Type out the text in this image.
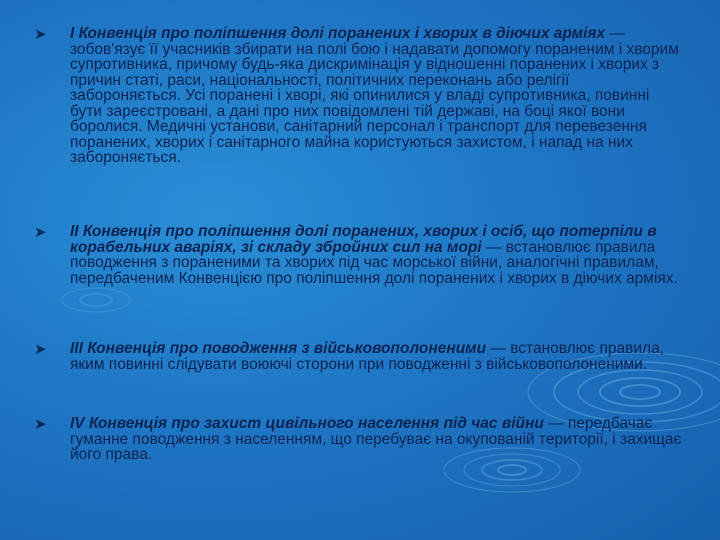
➤ I Конвенція про поліпшення долі поранених і хворих в діючих арміях — зобов'язує її учасників збирати на полі бою і надавати допомогу пораненим і хворим супротивника, причому будь-яка дискримінація у відношенні поранених і хворих з причин статі, раси, національності, політичних переконань або релігії забороняється. Усі поранені і хворі, які опинилися у владі супротивника, повинні бути зареєстровані, а дані про них повідомлені тій державі, на боці якої вони боролися. Медичні установи, санітарний персонал і транспорт для перевезення поранених, хворих і санітарного майна користуються захистом, і напад на них забороняється.
➤ II Конвенція про поліпшення долі поранених, хворих і осіб, що потерпіли в корабельних аваріях, зі складу збройних сил на морі — встановлює правила поводження з пораненими та хворих під час морської війни, аналогічні правилам, передбаченим Конвенцією про поліпшення долі поранених і хворих в діючих арміях.
➤ III Конвенція про поводження з військовополоненими — встановлює правила, яким повинні слідувати воюючі сторони при поводженні з військовополоненими.
➤ IV Конвенція про захист цивільного населення під час війни — передбачає гуманне поводження з населенням, що перебуває на окупованій території, і захищає його права.
